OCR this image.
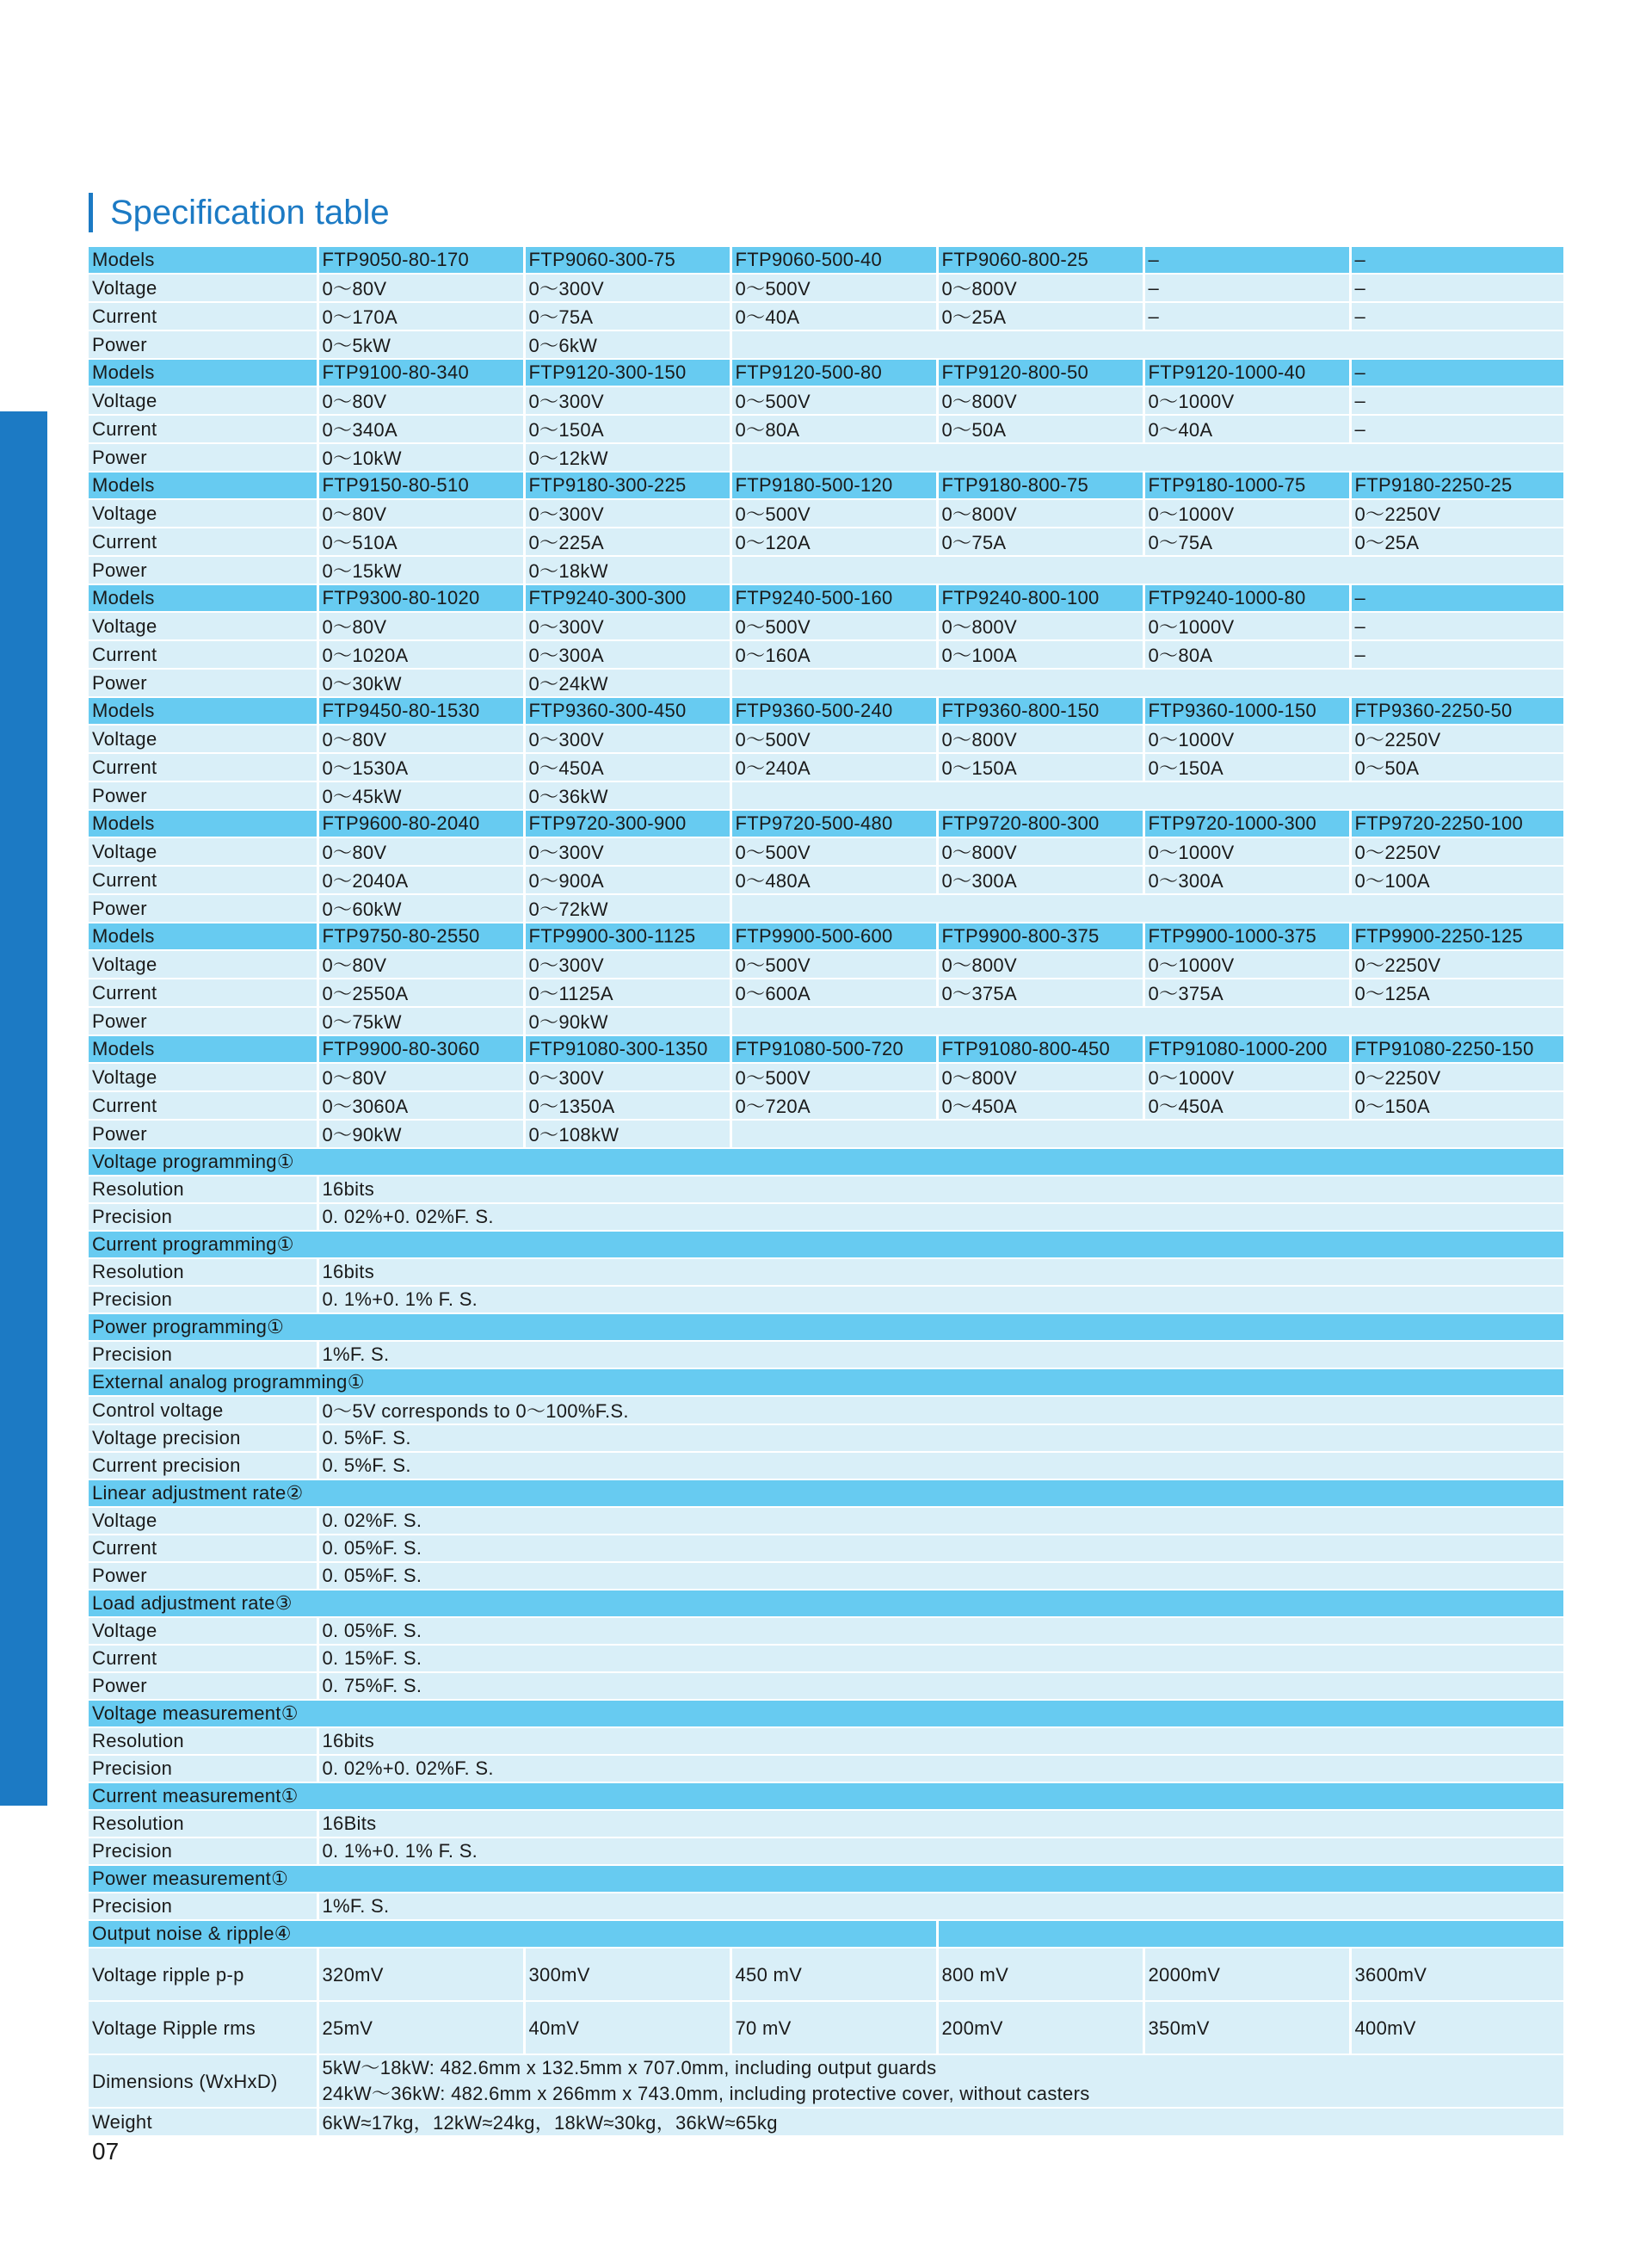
Specification table
Models	FTP9050-80-170	FTP9060-300-75	FTP9060-500-40	FTP9060-800-25	–	–
Voltage	0～80V	0～300V	0～500V	0～800V	–	–
Current	0～170A	0～75A	0～40A	0～25A	–	–
Power	0～5kW	0～6kW				
Models	FTP9100-80-340	FTP9120-300-150	FTP9120-500-80	FTP9120-800-50	FTP9120-1000-40	–
Voltage	0～80V	0～300V	0～500V	0～800V	0～1000V	–
Current	0～340A	0～150A	0～80A	0～50A	0～40A	–
Power	0～10kW	0～12kW				
Models	FTP9150-80-510	FTP9180-300-225	FTP9180-500-120	FTP9180-800-75	FTP9180-1000-75	FTP9180-2250-25
Voltage	0～80V	0～300V	0～500V	0～800V	0～1000V	0～2250V
Current	0～510A	0～225A	0～120A	0～75A	0～75A	0～25A
Power	0～15kW	0～18kW				
Models	FTP9300-80-1020	FTP9240-300-300	FTP9240-500-160	FTP9240-800-100	FTP9240-1000-80	–
Voltage	0～80V	0～300V	0～500V	0～800V	0～1000V	–
Current	0～1020A	0～300A	0～160A	0～100A	0～80A	–
Power	0～30kW	0～24kW				
Models	FTP9450-80-1530	FTP9360-300-450	FTP9360-500-240	FTP9360-800-150	FTP9360-1000-150	FTP9360-2250-50
Voltage	0～80V	0～300V	0～500V	0～800V	0～1000V	0～2250V
Current	0～1530A	0～450A	0～240A	0～150A	0～150A	0～50A
Power	0～45kW	0～36kW				
Models	FTP9600-80-2040	FTP9720-300-900	FTP9720-500-480	FTP9720-800-300	FTP9720-1000-300	FTP9720-2250-100
Voltage	0～80V	0～300V	0～500V	0～800V	0～1000V	0～2250V
Current	0～2040A	0～900A	0～480A	0～300A	0～300A	0～100A
Power	0～60kW	0～72kW				
Models	FTP9750-80-2550	FTP9900-300-1125	FTP9900-500-600	FTP9900-800-375	FTP9900-1000-375	FTP9900-2250-125
Voltage	0～80V	0～300V	0～500V	0～800V	0～1000V	0～2250V
Current	0～2550A	0～1125A	0～600A	0～375A	0～375A	0～125A
Power	0～75kW	0～90kW				
Models	FTP9900-80-3060	FTP91080-300-1350	FTP91080-500-720	FTP91080-800-450	FTP91080-1000-200	FTP91080-2250-150
Voltage	0～80V	0～300V	0～500V	0～800V	0～1000V	0～2250V
Current	0～3060A	0～1350A	0～720A	0～450A	0～450A	0～150A
Power	0～90kW	0～108kW				
Voltage programming①						
Resolution	16bits					
Precision	0. 02%+0. 02%F. S.					
Current programming①						
Resolution	16bits					
Precision	0. 1%+0. 1% F. S.					
Power programming①						
Precision	1%F. S.					
External analog programming①						
Control voltage	0～5V corresponds to 0～100%F.S.					
Voltage precision	0. 5%F. S.					
Current precision	0. 5%F. S.					
Linear adjustment rate②						
Voltage	0. 02%F. S.					
Current	0. 05%F. S.					
Power	0. 05%F. S.					
Load adjustment rate③						
Voltage	0. 05%F. S.					
Current	0. 15%F. S.					
Power	0. 75%F. S.					
Voltage measurement①						
Resolution	16bits					
Precision	0. 02%+0. 02%F. S.					
Current measurement①						
Resolution	16Bits					
Precision	0. 1%+0. 1% F. S.					
Power measurement①						
Precision	1%F. S.					
Output noise & ripple④						
Voltage ripple p-p	320mV	300mV	450 mV	800 mV	2000mV	3600mV
Voltage Ripple rms	25mV	40mV	70 mV	200mV	350mV	400mV
Dimensions (WxHxD)	5kW～18kW: 482.6mm x 132.5mm x 707.0mm, including output guards
24kW～36kW: 482.6mm x 266mm x 743.0mm, including protective cover, without casters					

Weight	6kW≈17kg，12kW≈24kg，18kW≈30kg，36kW≈65kg					
07
